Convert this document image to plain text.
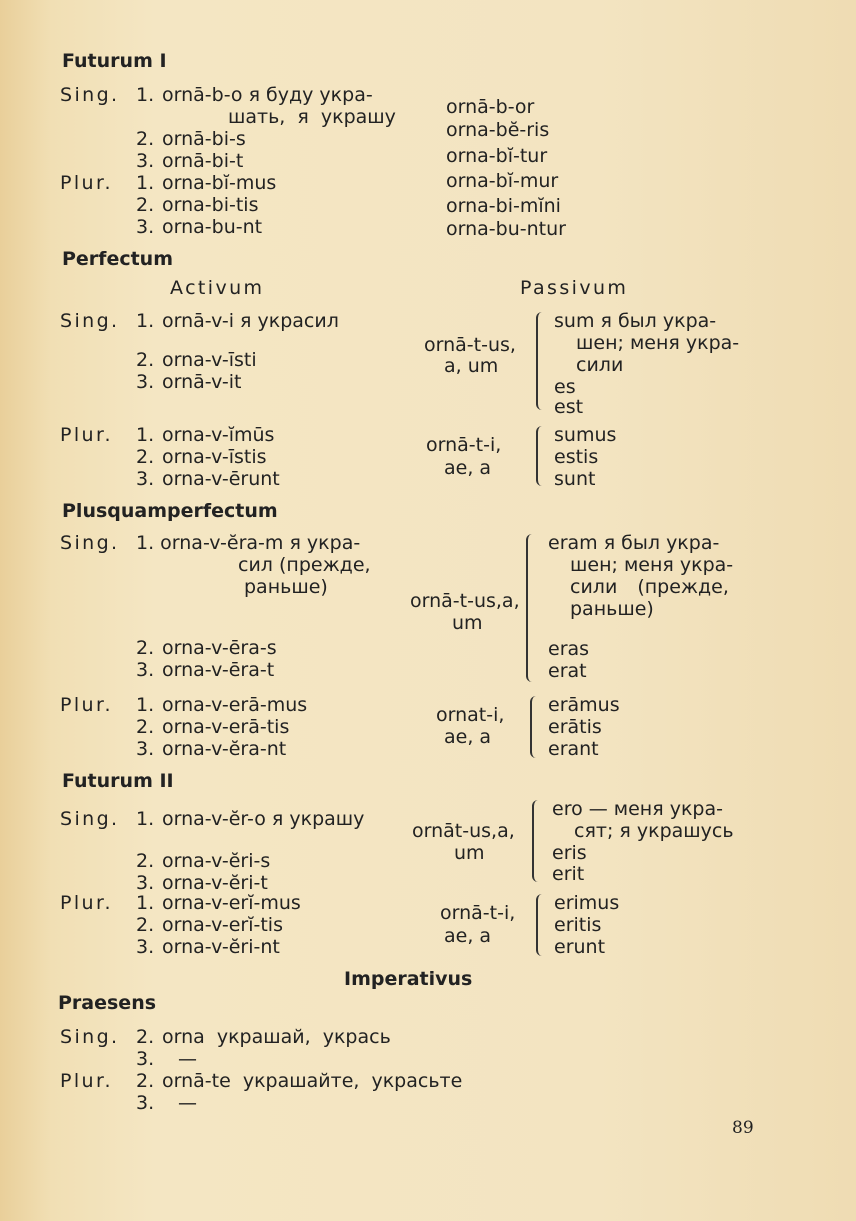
Futurum I
Sing. 1. ornā-b-o я буду укра-
шать, я украшу
2. ornā-bi-s
3. ornā-bi-t
Plur. 1. orna-bĭ-mus
2. orna-bi-tis
3. orna-bu-nt
ornā-b-or
orna-bĕ-ris
orna-bĭ-tur
orna-bĭ-mur
orna-bi-mĭni
orna-bu-ntur
Perfectum
Activum	Passivum
Sing. 1. ornā-v-i я украсил
2. orna-v-īsti
3. ornā-v-it
ornā-t-us,
a, um
sum я был укра-
шен; меня укра-
сили
es
est
Plur. 1. orna-v-ĭmūs
2. orna-v-īstis
3. orna-v-ērunt
ornā-t-i,
ae, a
sumus
estis
sunt
Plusquamperfectum
Sing. 1. orna-v-ĕra-m я укра-
сил (прежде,
раньше)
2. orna-v-ēra-s
3. orna-v-ēra-t
ornā-t-us,a,
um
eram я был укра-
шен; меня укра-
сили (прежде,
раньше)
eras
erat
Plur. 1. orna-v-erā-mus
2. orna-v-erā-tis
3. orna-v-ĕra-nt
ornat-i,
ae, a
erāmus
erātis
erant
Futurum II
Sing. 1. orna-v-ĕr-o я украшу
2. orna-v-ĕri-s
3. orna-v-ĕri-t
Plur. 1. orna-v-erĭ-mus
2. orna-v-erĭ-tis
3. orna-v-ĕri-nt
ornāt-us,a,
um
ero — меня укра-
сят; я украшусь
eris
erit
ornā-t-i,
ae, a
erimus
eritis
erunt
Imperativus
Praesens
Sing. 2. orna украшай, укрась
3. —
Plur. 2. ornā-te украшайте, укрaсьте
3. —
89
